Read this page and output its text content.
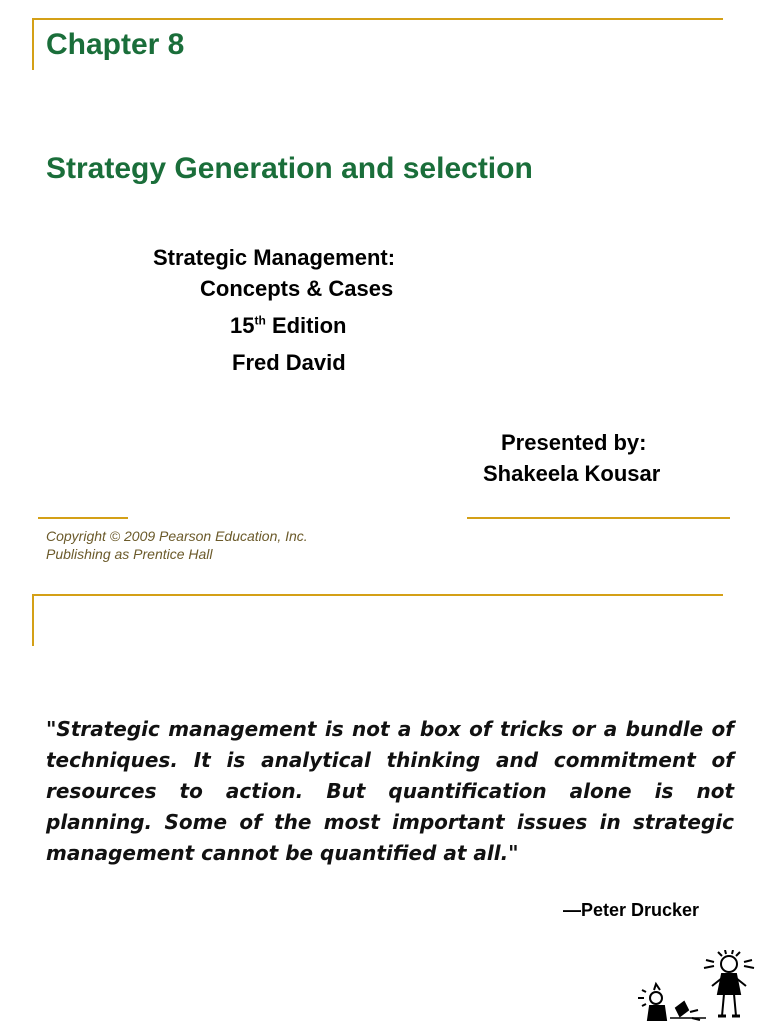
Chapter 8
Strategy Generation and selection
Strategic Management:
Concepts & Cases
15th Edition
Fred David
Presented by:
Shakeela Kousar
Copyright © 2009 Pearson Education, Inc.
Publishing as Prentice Hall
"Strategic management is not a box of tricks or a bundle of techniques. It is analytical thinking and commitment of resources to action. But quantification alone is not planning. Some of the most important issues in strategic management cannot be quantified at all."
—Peter Drucker
